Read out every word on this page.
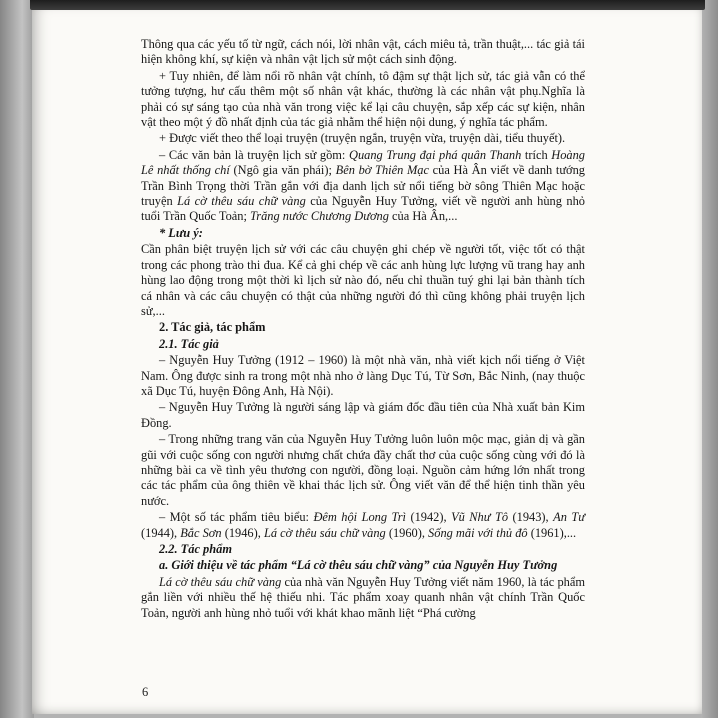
Thông qua các yếu tố từ ngữ, cách nói, lời nhân vật, cách miêu tả, trần thuật,... tác giả tái hiện không khí, sự kiện và nhân vật lịch sử một cách sinh động.

+ Tuy nhiên, để làm nổi rõ nhân vật chính, tô đậm sự thật lịch sử, tác giả vẫn có thể tưởng tượng, hư cấu thêm một số nhân vật khác, thường là các nhân vật phụ.Nghĩa là phải có sự sáng tạo của nhà văn trong việc kể lại câu chuyện, sắp xếp các sự kiện, nhân vật theo một ý đồ nhất định của tác giả nhằm thể hiện nội dung, ý nghĩa tác phẩm.

+ Được viết theo thể loại truyện (truyện ngắn, truyện vừa, truyện dài, tiểu thuyết).

– Các văn bản là truyện lịch sử gồm: Quang Trung đại phá quân Thanh trích Hoàng Lê nhất thống chí (Ngô gia văn phái); Bên bờ Thiên Mạc của Hà Ân viết về danh tướng Trần Bình Trọng thời Trần gắn với địa danh lịch sử nổi tiếng bờ sông Thiên Mạc hoặc truyện Lá cờ thêu sáu chữ vàng của Nguyễn Huy Tưởng, viết về người anh hùng nhỏ tuổi Trần Quốc Toản; Trăng nước Chương Dương của Hà Ân,...

* Lưu ý:

Cần phân biệt truyện lịch sử với các câu chuyện ghi chép về người tốt, việc tốt có thật trong các phong trào thi đua. Kể cả ghi chép về các anh hùng lực lượng vũ trang hay anh hùng lao động trong một thời kì lịch sử nào đó, nếu chỉ thuần tuý ghi lại bản thành tích cá nhân và các câu chuyện có thật của những người đó thì cũng không phải truyện lịch sử,...

2. Tác giả, tác phẩm

2.1. Tác giả

– Nguyễn Huy Tưởng (1912 – 1960) là một nhà văn, nhà viết kịch nổi tiếng ở Việt Nam. Ông được sinh ra trong một nhà nho ở làng Dục Tú, Từ Sơn, Bắc Ninh, (nay thuộc xã Dục Tú, huyện Đông Anh, Hà Nội).

– Nguyễn Huy Tưởng là người sáng lập và giám đốc đầu tiên của Nhà xuất bản Kim Đồng.

– Trong những trang văn của Nguyễn Huy Tưởng luôn luôn mộc mạc, giản dị và gần gũi với cuộc sống con người nhưng chất chứa đầy chất thơ của cuộc sống cùng với đó là những bài ca về tình yêu thương con người, đồng loại. Nguồn cảm hứng lớn nhất trong các tác phẩm của ông thiên về khai thác lịch sử. Ông viết văn để thể hiện tinh thần yêu nước.

– Một số tác phẩm tiêu biểu: Đêm hội Long Trì (1942), Vũ Như Tô (1943), An Tư (1944), Bắc Sơn (1946), Lá cờ thêu sáu chữ vàng (1960), Sống mãi với thủ đô (1961),...

2.2. Tác phẩm

a. Giới thiệu về tác phẩm “Lá cờ thêu sáu chữ vàng” của Nguyễn Huy Tưởng

Lá cờ thêu sáu chữ vàng của nhà văn Nguyễn Huy Tưởng viết năm 1960, là tác phẩm gắn liền với nhiều thế hệ thiếu nhi. Tác phẩm xoay quanh nhân vật chính Trần Quốc Toản, người anh hùng nhỏ tuổi với khát khao mãnh liệt “Phá cường

6
